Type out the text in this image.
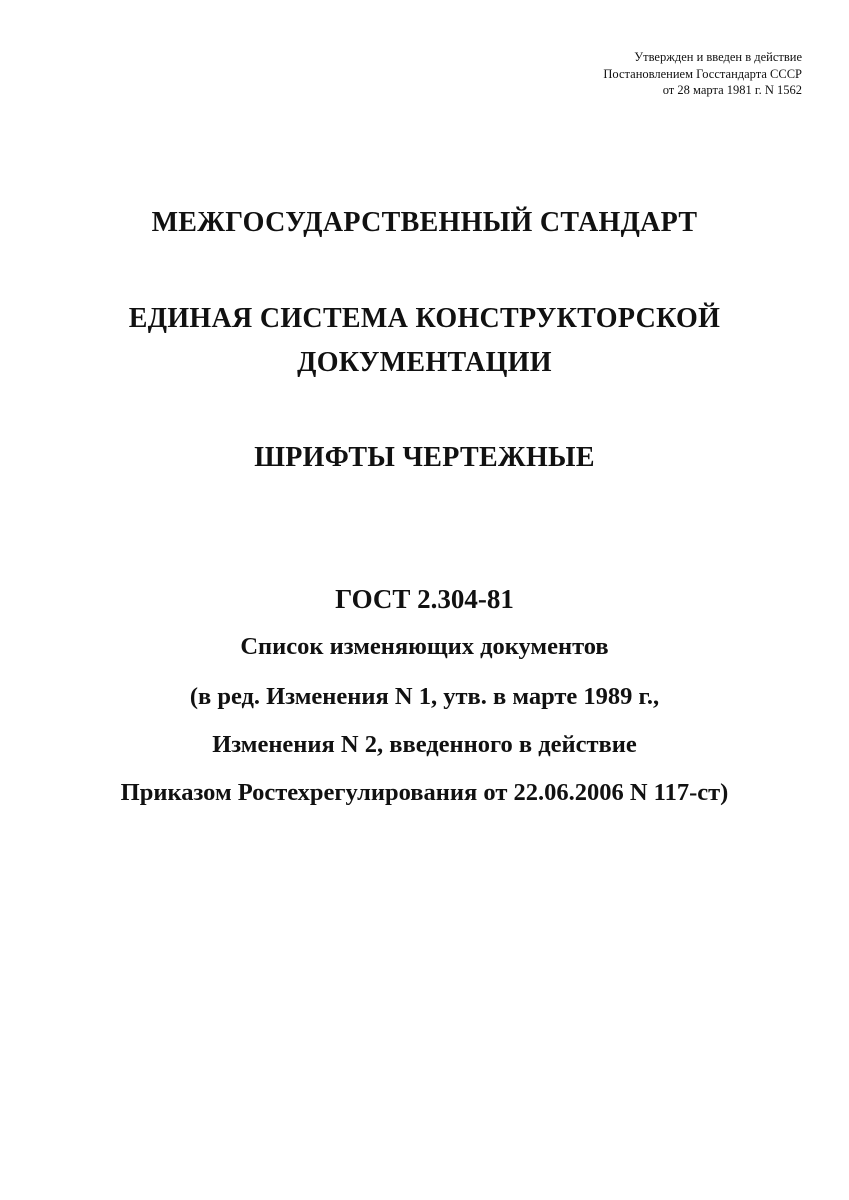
Утвержден и введен в действие
Постановлением Госстандарта СССР
от 28 марта 1981 г. N 1562
МЕЖГОСУДАРСТВЕННЫЙ СТАНДАРТ
ЕДИНАЯ СИСТЕМА КОНСТРУКТОРСКОЙ
ДОКУМЕНТАЦИИ
ШРИФТЫ ЧЕРТЕЖНЫЕ
ГОСТ 2.304-81
Список изменяющих документов
(в ред. Изменения N 1, утв. в марте 1989 г.,
Изменения N 2, введенного в действие
Приказом Ростехрегулирования от 22.06.2006 N 117-ст)
